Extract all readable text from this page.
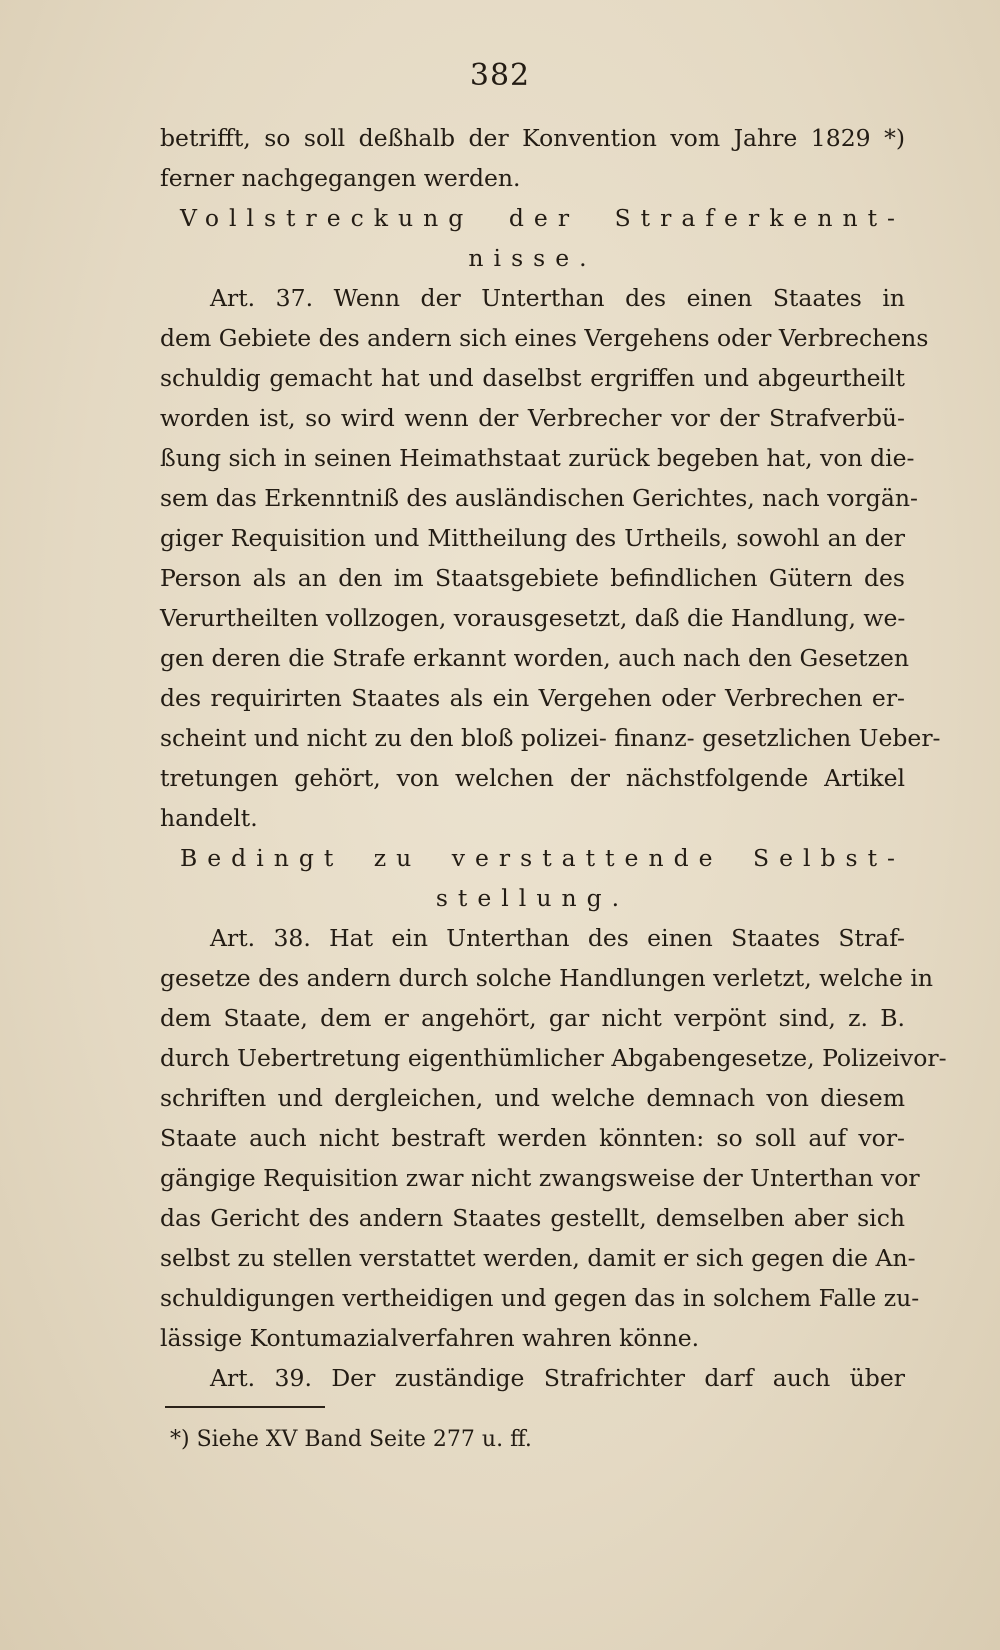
382
betrifft, so soll deßhalb der Konvention vom Jahre 1829 *)
ferner nachgegangen werden.
Vollstreckung der Straferkennt-
nisse.
Art. 37. Wenn der Unterthan des einen Staates in
dem Gebiete des andern sich eines Vergehens oder Verbrechens
schuldig gemacht hat und daselbst ergriffen und abgeurtheilt
worden ist, so wird wenn der Verbrecher vor der Strafverbü-
ßung sich in seinen Heimathstaat zurück begeben hat, von die-
sem das Erkenntniß des ausländischen Gerichtes, nach vorgän-
giger Requisition und Mittheilung des Urtheils, sowohl an der
Person als an den im Staatsgebiete befindlichen Gütern des
Verurtheilten vollzogen, vorausgesetzt, daß die Handlung, we-
gen deren die Strafe erkannt worden, auch nach den Gesetzen
des requirirten Staates als ein Vergehen oder Verbrechen er-
scheint und nicht zu den bloß polizei- finanz- gesetzlichen Ueber-
tretungen gehört, von welchen der nächstfolgende Artikel
handelt.
Bedingt zu verstattende Selbst-
stellung.
Art. 38. Hat ein Unterthan des einen Staates Straf-
gesetze des andern durch solche Handlungen verletzt, welche in
dem Staate, dem er angehört, gar nicht verpönt sind, z. B.
durch Uebertretung eigenthümlicher Abgabengesetze, Polizeivor-
schriften und dergleichen, und welche demnach von diesem
Staate auch nicht bestraft werden könnten: so soll auf vor-
gängige Requisition zwar nicht zwangsweise der Unterthan vor
das Gericht des andern Staates gestellt, demselben aber sich
selbst zu stellen verstattet werden, damit er sich gegen die An-
schuldigungen vertheidigen und gegen das in solchem Falle zu-
lässige Kontumazialverfahren wahren könne.
Art. 39. Der zuständige Strafrichter darf auch über
*) Siehe XV Band Seite 277 u. ff.
